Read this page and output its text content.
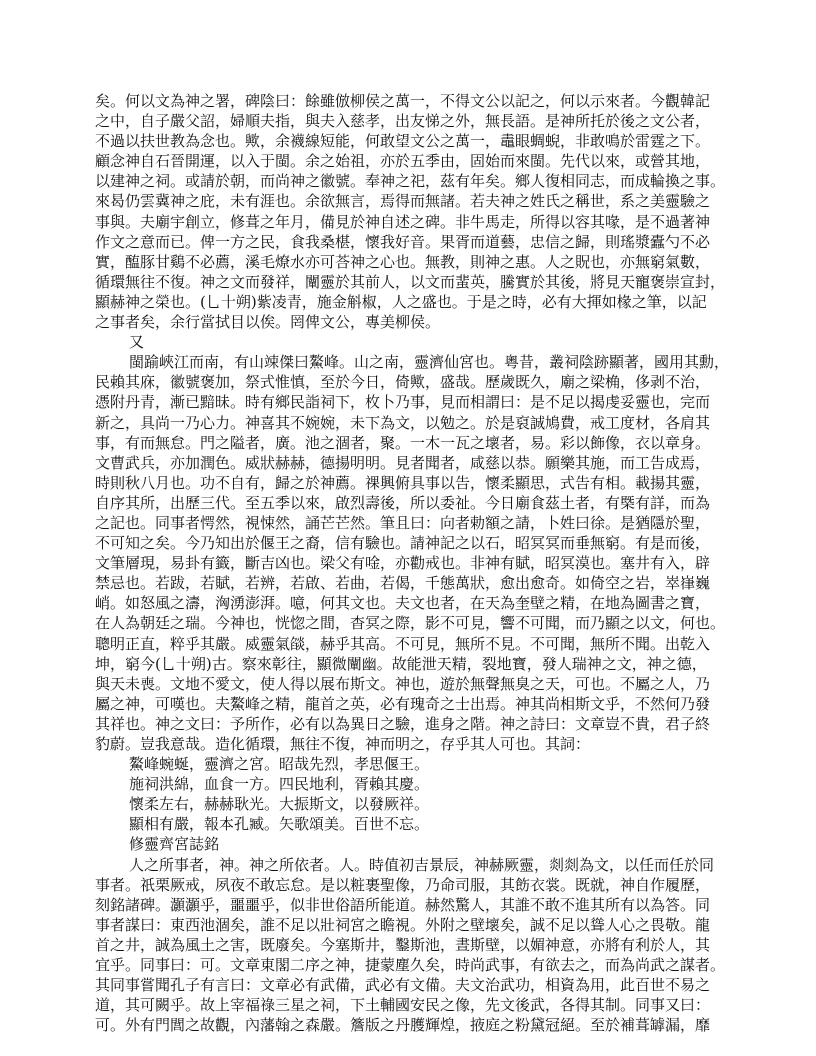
矣。何以文為神之署，碑陰曰：餘雖倣柳侯之萬一，不得文公以記之，何以示來者。今觀韓記
之中，自子嚴父詔，婦順夫指，與夫入慈孝，出友悌之外，無長語。是神所托於後之文公者，
不過以扶世教為念也。歟，余襪線短能，何敢望文公之萬一，鼃眼蜩蜺，非敢鳴於雷霆之下。
顧念神自石晉開運，以入于閩。余之始祖，亦於五季由，固始而來閩。先代以來，或營其地，
以建神之祠。或請於朝，而尚神之徽號。奉神之祀，茲有年矣。鄉人復相同志，而成輪換之事。
來曷仍雲冀神之庇，未有涯也。余欲無言，焉得而無諸。若夫神之姓氏之稱世，系之美靈驗之
事與。夫廟宇創立，修葺之年月，備見於神自述之碑。非牛馬走，所得以容其喙，是不過著神
作文之意而已。俾一方之民，食我桑椹，懷我好音。果胥而道藝，忠信之歸，則瑤漿蠹勺不必
實，醢豚甘鷄不必薦，溪毛燎水亦可荅神之心也。無教，則神之惠。人之貺也，亦無窮氣數，
循環無往不復。神之文而發祥，闡靈於其前人，以文而蜚英，騰實於其後，將見天寵褒崇宣封，
顯赫神之榮也。(乚十朔)紫凌青，施金斛椒，人之盛也。于是之時，必有大揮如椽之筆，以記
之事者矣，余行當拭目以俟。罔俾文公，專美柳侯。
又
閩踰峽江而南，有山竦傑曰鰲峰。山之南，靈濟仙宮也。粵昔，叢祠陰跡顯著，國用其勳，
民賴其庥，徽號褒加，祭式惟慎，至於今日，倚歟，盛哉。歷歲既久，廟之梁桷，侈剥不治，
憑附丹青，漸已黯昧。時有鄉民詣祠下，枚卜乃事，見而相謂曰：是不足以揭虔妥靈也，完而
新之，具尚一乃心力。神喜其不婉婉，未下為文，以勉之。於是裒誠鳩費，戒工度材，各肩其
事，有而無怠。門之隘者，廣。池之涸者，聚。一木一瓦之壞者，易。彩以飾像，衣以章身。
文曹武兵，亦加潤色。威狀赫赫，德揚明明。見者聞者，咸慈以恭。願樂其施，而工告成焉，
時則秋八月也。功不自有，歸之於神薦。祼興俯具事以告，懷柔顯思，式告有相。載揚其靈，
自序其所，出歷三代。至五季以來，啟烈壽後，所以委祉。今日廟食茲土者，有槩有詳，而為
之記也。同事者愕然，視悚然，誦芒芒然。筆且曰：向者勅額之請，卜姓曰徐。是猶隱於聖，
不可知之矣。今乃知出於偃王之裔，信有驗也。請神記之以石，昭冥冥而垂無窮。有是而後，
文筆層現，易卦有籤，斷吉凶也。梁父有唫，亦勸戒也。非神有賦，昭冥漠也。塞井有入，辟
禁忌也。若跋，若賦，若辨，若啟、若曲，若偈，千態萬狀，愈出愈奇。如倚空之岩，崒嵂巍
峭。如怒風之濤，洶湧澎湃。噫，何其文也。夫文也者，在天為奎壁之精，在地為圖書之寶，
在人為朝廷之瑞。今神也，恍惚之間，杳冥之際，影不可見，響不可聞，而乃顯之以文，何也。
聰明正直，粹乎其嚴。威靈氣燄，赫乎其高。不可見，無所不見。不可聞，無所不聞。出乾入
坤，窮今(乚十朔)古。察來彰往，顯微闡幽。故能泄天精，裂地寶，發人瑞神之文，神之德，
與天未喪。文地不愛文，使人得以展布斯文。神也，遊於無聲無臭之天，可也。不屬之人，乃
屬之神，可嘆也。夫鰲峰之精，龍首之英，必有瑰奇之士出焉。神其尚相斯文乎，不然何乃發
其祥也。神之文曰：予所作，必有以為異日之驗，進身之階。神之詩曰：文章豈不貴，君子終
豹蔚。豈我意哉。造化循環，無往不復，神而明之，存乎其人可也。其詞：
鰲峰蜿蜒，靈濟之宮。昭哉先烈，孝思偃王。
施祠洪綿，血食一方。四民地利，胥賴其慶。
懷柔左右，赫赫耿光。大振斯文，以發厥祥。
顯相有嚴，報本孔臧。矢歌頌美。百世不忘。
修靈齊宮誌銘
人之所事者，神。神之所依者。人。時值初吉景辰，神赫厥靈，剡剡為文，以任而任於同
事者。祇栗厥戒，夙夜不敢忘怠。是以粧裹聖像，乃命司服，其飭衣裳。既就，神自作履歷，
刻銘諸碑。灝灝乎，噩噩乎，似非世俗語所能道。赫然驚人，其誰不敢不進其所有以為答。同
事者謀曰：東西池涸矣，誰不足以壯祠宮之瞻視。外附之壁壞矣，誠不足以聳人心之畏敬。龍
首之井，誠為風土之害，既廢矣。今塞斯井，鑿斯池，晝斯壁，以媚神意，亦將有利於人，其
宜乎。同事曰：可。文章東閣二序之神，捷蒙塵久矣，時尚武事，有欲去之，而為尚武之謀者。
其同事嘗聞孔子有言曰：文章必有武備，武必有文備。夫文治武功，相資為用，此百世不易之
道，其可闕乎。故上宰福祿三星之祠，下土輔國安民之像，先文後武，各得其制。同事又曰：
可。外有門閭之故觀，內藩翰之森嚴。簷版之丹臒輝煌，掖庭之粉黛冠絕。至於補葺罅漏，靡
